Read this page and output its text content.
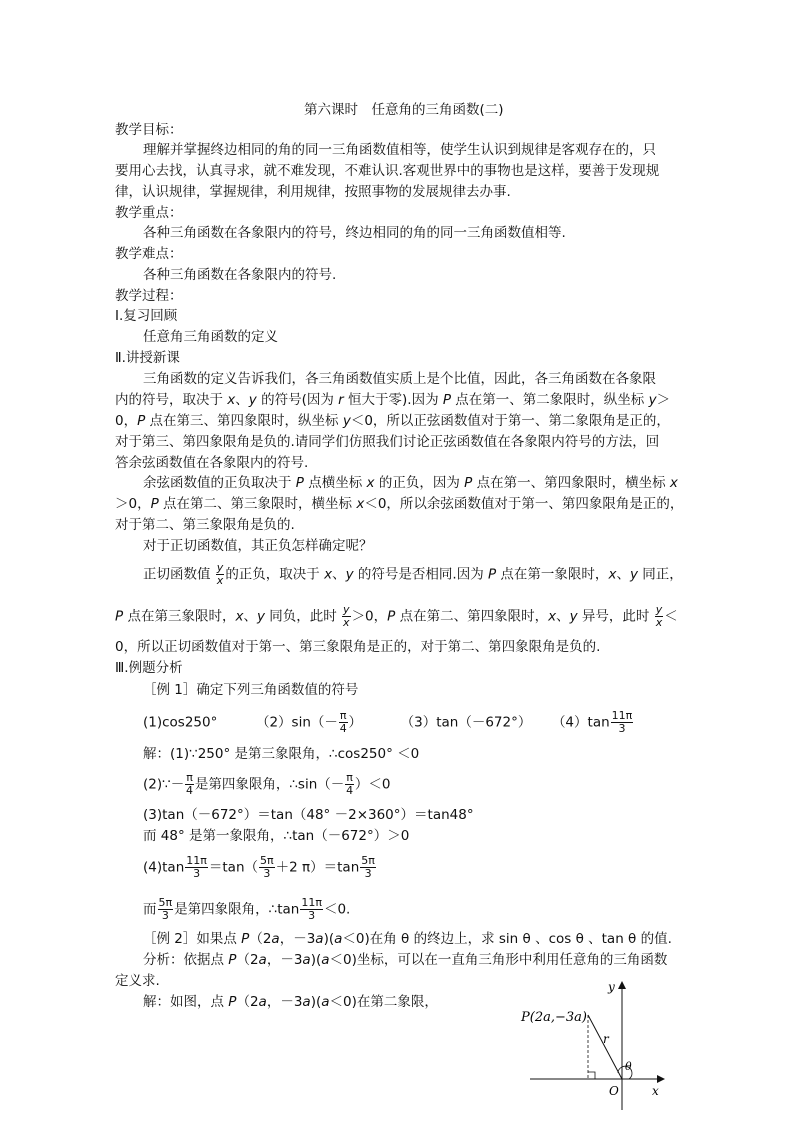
第六课时　任意角的三角函数(二)
教学目标：
理解并掌握终边相同的角的同一三角函数值相等，使学生认识到规律是客观存在的，只
要用心去找，认真寻求，就不难发现，不难认识.客观世界中的事物也是这样，要善于发现规
律，认识规律，掌握规律，利用规律，按照事物的发展规律去办事.
教学重点：
各种三角函数在各象限内的符号，终边相同的角的同一三角函数值相等.
教学难点：
各种三角函数在各象限内的符号.
教学过程：
Ⅰ.复习回顾
任意角三角函数的定义
Ⅱ.讲授新课
三角函数的定义告诉我们，各三角函数值实质上是个比值，因此，各三角函数在各象限
内的符号，取决于 x、y 的符号(因为 r 恒大于零).因为 P 点在第一、第二象限时，纵坐标 y＞
0，P 点在第三、第四象限时，纵坐标 y＜0，所以正弦函数值对于第一、第二象限角是正的，
对于第三、第四象限角是负的.请同学们仿照我们讨论正弦函数值在各象限内符号的方法，回
答余弦函数值在各象限内的符号.
余弦函数值的正负取决于 P 点横坐标 x 的正负，因为 P 点在第一、第四象限时，横坐标 x
＞0，P 点在第二、第三象限时，横坐标 x＜0，所以余弦函数值对于第一、第四象限角是正的，
对于第二、第三象限角是负的.
对于正切函数值，其正负怎样确定呢？
正切函数值 $\frac{y}{x}$ 的正负，取决于 x、y 的符号是否相同.因为 P 点在第一象限时，x、y 同正，
P 点在第三象限时，x、y 同负，此时 $\frac{y}{x} >0$，P 点在第二、第四象限时，x、y 异号，此时 $\frac{y}{x}$ ＜
0，所以正切函数值对于第一、第三象限角是正的，对于第二、第四象限角是负的.
Ⅲ.例题分析
［例 1］确定下列三角函数值的符号
(1)cos250°	$(2)\sin(- \frac{\pi}{4}$ ）	（3）tan（－672°） $(4)\tan \frac{11\pi}{3}$
解：(1)∵250° 是第三象限角，∴cos250° ＜0
(2)∵－ $\frac{\pi}{4}$ 是第四象限角，∴sin（－ $\frac{\pi}{4} )<0$
(3)tan（－672°）＝tan（48° －2×360°）＝tan48°
而 48° 是第一象限角，∴tan（－672°）＞0
$(4)\tan \frac{11\pi}{3} =\tan( \frac{5\pi}{3} +2$ $\pi)=\tan \frac{5\pi}{3}$
而 $\frac{5\pi}{3}$ 是第四象限角，∴tan $\frac{11\pi}{3} <0$.
［例 2］如果点 P（2a，－3a)(a＜0)在角 θ 的终边上，求 sin θ 、cos θ 、tan θ 的值.
分析：依据点 P（2a，－3a)(a＜0)坐标，可以在一直角三角形中利用任意角的三角函数
定义求.
解：如图，点 P（2a，－3a)(a＜0)在第二象限，
P(2a,−3a)
r
θ
O	x
y
